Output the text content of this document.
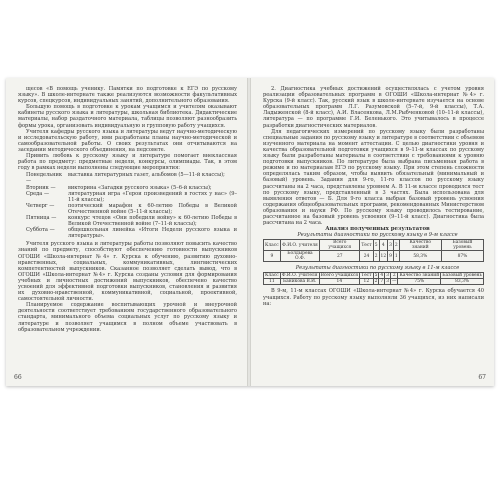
щесов «В помощь ученику. Памятки по подготовке к ЕГЭ по русскому языку». В школе-интернате также реализуются возможности факультативных курсов, спецкурсов, индивидуальных занятий, дополнительного образования.

Большую помощь в подготовке к урокам учащимся и учителям оказывают кабинеты русского языка и литературы, школьная библиотека. Дидактические материалы, набор раздаточного материала, таблицы позволяют разнообразить формы урока, организовать индивидуальную и групповую работу учащихся.

Учителя кафедры русского языка и литературы ведут научно-методическую и исследовательскую работу, ими разработаны планы научно-методической и самообразовательной работы. О своих результатах они отчитываются на заседании методического объединения, на педсовете.

Привить любовь к русскому языку и литературе помогает внеклассная работа по предмету: предметные недели, конкурсы, олимпиады. Так, в этом году в рамках недели выполнены следующие мероприятия:

Понедельник —
выставка литературных газет, альбомов (5—11-й классы);
Вторник —	викторина «Загадки русского языка» (5–6-й классы);
Среда —	литературная игра «Герои произведений в гостях у нас» (9–11-й классы);
Четверг —	поэтический марафон к 60-летию Победы в Великой Отечественной войне (5–11-й классы);
Пятница —	конкурс чтецов «Они победили войну» к 60-летию Победы в Великой Отечественной войне (7–11-й классы);
Суббота —	общешкольная линейка «Итоги Недели русского языка и литературы».

Учителя русского языка и литературы работы позволяют повысить качество знаний по предмету, способствуют обеспечению готовности выпускников ОГОШИ «Школа-интернат №4» г. Курска к обучению, развитию духовно-нравственных, социальных, коммуникативных, лингвистических компетентностей выпускников. Сказанное позволяет сделать вывод, что в ОГОШИ «Школа-интернат №4» г. Курска созданы условия для формирования учебных и личностных достижений выпускников, обеспечено качество усвоений для эффективной подготовки выпускников, становления и развития их духовно-нравственной, коммуникативной, социальной, проективной, самостоятельной личности.

Планируемое содержание воспитывающих урочной и внеурочной деятельности соответствует требованиям государственного образовательного стандарта, минимального объема социальных услуг по русскому языку и литературе и позволяет учащимся в полном объеме участвовать в образовательном учреждении.

66

2. Диагностика учебных достижений осуществлялась с учетом уровня реализации образовательных программ в ОГОШИ «Школа-интернат №4» г. Курска (9-й класс). Так, русский язык в школе-интернате изучается на основе образовательных программ Л.Г. Разумовской (5–7-й, 9-й классы), Т.А. Ладыженской (8-й класс), А.И. Власенкова, Л.М.Рыбченковой (10–11-й классы), литература — по программе Г.И. Беленького. Это учитывалось в процессе разработки диагностических материалов.

Для педагогических измерений по русскому языку были разработаны специальные задания по русскому языку и литературе в соответствии с объемом изученного материала на момент аттестации. С целью диагностики уровня и качества образовательной подготовки учащихся в 9–11-м классах по русскому языку были разработаны материалы в соответствии с требованиями к уровню подготовки выпускников. По литературе была выбрана письменная работа в режиме и по материалам ЕГЭ по русскому языку. При этом степень сложности определялась таким образом, чтобы выявить обязательный (минимальный и базовый) уровень. Задания для 9-го, 11-го классов по русскому языку рассчитаны на 2 часа, представлены уровнем А. В 11-м классе проводился тест по русскому языку, представленный в 3 частях. Была использована для выявления ответов — Б. Для 9-го класса выбран базовый уровень усвоения содержания общеобразовательных программ, рекомендованных Министерством образования и науки РФ. По русскому языку проводилось тестирование, рассчитанное на базовый уровень усвоения (9–11-й класс). Диагностика была рассчитана на 2 часа.

Анализ полученных результатов

Результаты диагностики по русскому языку в 9-м классе

Класс	Ф.И.О. учителя	Всего учащихся	Тест	5	4	3	2	Качество знаний	Базовый уровень
9	Болдырева О.Ф.	27	24	2	12	9	1	58,3%	87%

Результаты диагностики по русскому языку в 11-м классе

Класс	Ф.И.О. учителя	Всего учащихся	Тест	5	4	3	2	Качество знаний	Базовый уровень
11	Баникова В.И.	14	12	2	7	3	—	75%	83,3%

В 9-м, 11-м классах ОГОШИ «Школа-интернат №4» г. Курска обучается 40 учащихся. Работу по русскому языку выполняли 36 учащихся, из них написали на:

67
